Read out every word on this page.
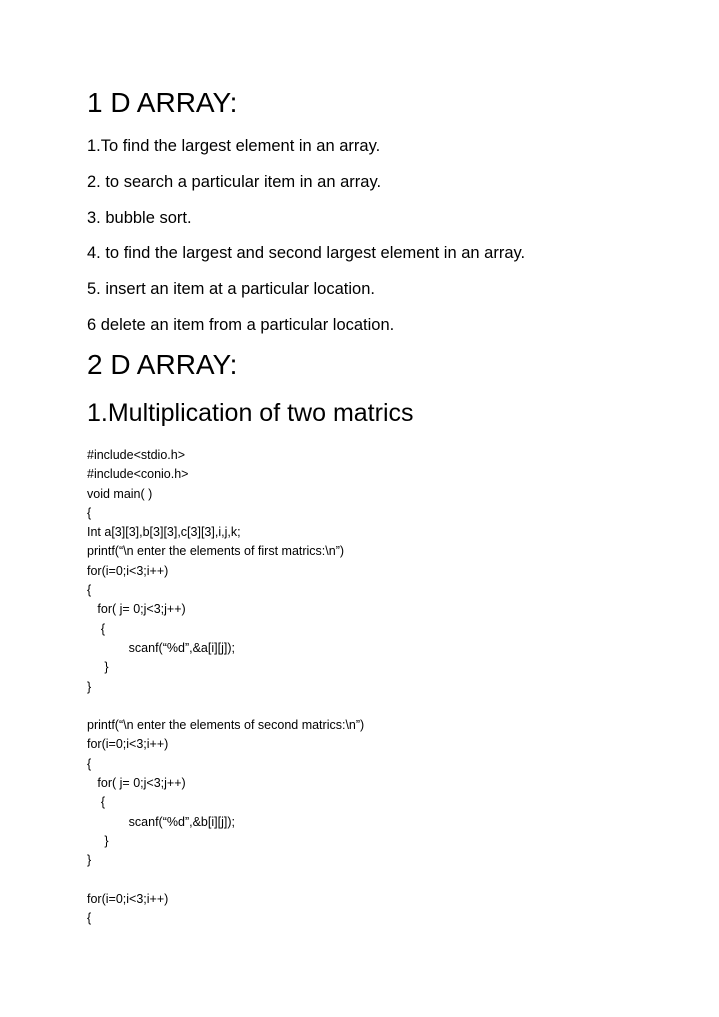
1 D ARRAY:
1.To find the largest element in an array.
2. to search a particular item in an array.
3. bubble sort.
4. to find the largest and second largest element in an array.
5. insert an item at a particular location.
6 delete an item from a particular location.
2 D ARRAY:
1.Multiplication of two matrics
#include<stdio.h>
#include<conio.h>
void main( )
{
Int a[3][3],b[3][3],c[3][3],i,j,k;
printf(“\n enter the elements of first matrics:\n”)
for(i=0;i<3;i++)
{
for( j= 0;j<3;j++)
{
scanf(“%d”,&a[i][j]);
}
}
printf(“\n enter the elements of second matrics:\n”)
for(i=0;i<3;i++)
{
for( j= 0;j<3;j++)
{
scanf(“%d”,&b[i][j]);
}
}
for(i=0;i<3;i++)
{
